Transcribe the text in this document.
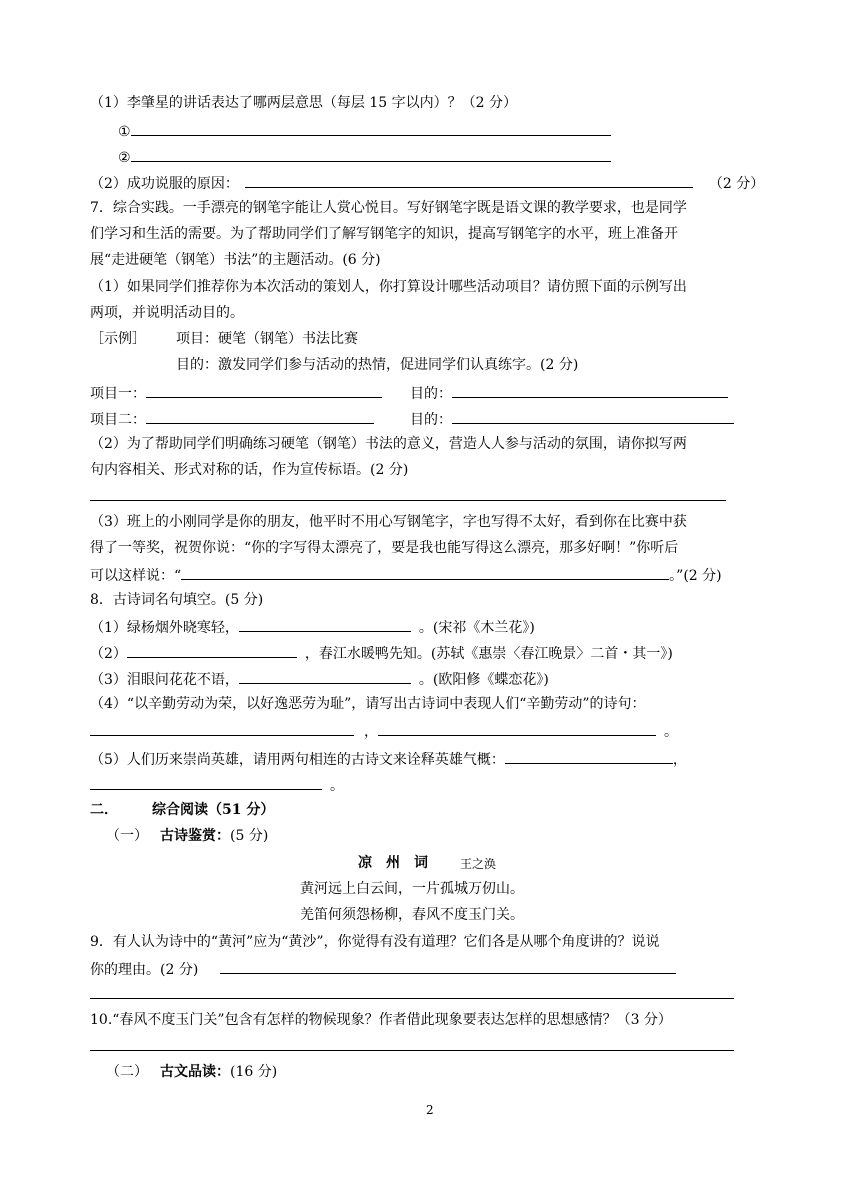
（1）李肇星的讲话表达了哪两层意思（每层 15 字以内）？（2 分）
①
②
（2）成功说服的原因：	（2 分）
7．综合实践。一手漂亮的钢笔字能让人赏心悦目。写好钢笔字既是语文课的教学要求，也是同学
们学习和生活的需要。为了帮助同学们了解写钢笔字的知识，提高写钢笔字的水平，班上准备开
展“走进硬笔（钢笔）书法”的主题活动。(6 分)
（1）如果同学们推荐你为本次活动的策划人，你打算设计哪些活动项目？请仿照下面的示例写出
两项，并说明活动目的。
［示例］ 项目：硬笔（钢笔）书法比赛
目的：激发同学们参与活动的热情，促进同学们认真练字。(2 分)
项目一：	目的：
项目二：	目的：
（2）为了帮助同学们明确练习硬笔（钢笔）书法的意义，营造人人参与活动的氛围，请你拟写两
句内容相关、形式对称的话，作为宣传标语。(2 分)
（3）班上的小刚同学是你的朋友，他平时不用心写钢笔字，字也写得不太好，看到你在比赛中获
得了一等奖，祝贺你说：“你的字写得太漂亮了，要是我也能写得这么漂亮，那多好啊！”你听后
可以这样说：“	。”(2 分)
8．古诗词名句填空。(5 分)
（1）绿杨烟外晓寒轻，	。(宋祁《木兰花》)
（2）	，春江水暖鸭先知。(苏轼《惠崇〈春江晚景〉二首・其一》)
（3）泪眼问花花不语，	。(欧阳修《蝶恋花》)
（4）“以辛勤劳动为荣，以好逸恶劳为耻”，请写出古诗词中表现人们“辛勤劳动”的诗句：
，	。
（5）人们历来崇尚英雄，请用两句相连的古诗文来诠释英雄气概：	，
。
二． 综合阅读（51 分）
（一） 古诗鉴赏：(5 分)
凉　州　词	王之涣
黄河远上白云间，一片孤城万仞山。
羌笛何须怨杨柳，春风不度玉门关。
9．有人认为诗中的“黄河”应为“黄沙”，你觉得有没有道理？它们各是从哪个角度讲的？说说
你的理由。(2 分)
10.“春风不度玉门关”包含有怎样的物候现象？作者借此现象要表达怎样的思想感情？（3 分）
（二） 古文品读：(16 分)
2
